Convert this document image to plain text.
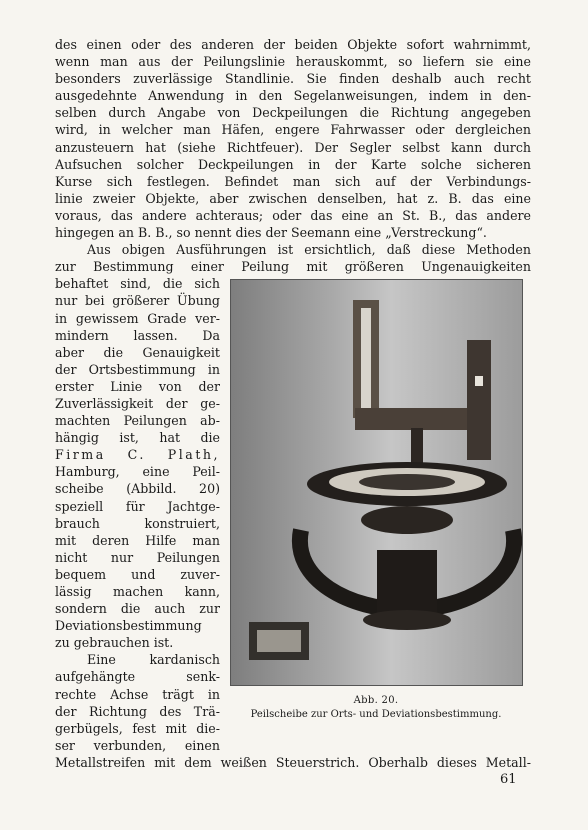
des einen oder des anderen der beiden Objekte sofort wahrnimmt,
wenn man aus der Peilungslinie herauskommt, so liefern sie eine
besonders zuverlässige Standlinie. Sie finden deshalb auch recht
ausgedehnte Anwendung in den Segelanweisungen, indem in den-
selben durch Angabe von Deckpeilungen die Richtung angegeben
wird, in welcher man Häfen, engere Fahrwasser oder dergleichen
anzusteuern hat (siehe Richtfeuer). Der Segler selbst kann durch
Aufsuchen solcher Deckpeilungen in der Karte solche sicheren
Kurse sich festlegen. Befindet man sich auf der Verbindungs-
linie zweier Objekte, aber zwischen denselben, hat z. B. das eine
voraus, das andere achteraus; oder das eine an St. B., das andere
hingegen an B. B., so nennt dies der Seemann eine „Verstreckung“.
Aus obigen Ausführungen ist ersichtlich, daß diese Methoden
zur Bestimmung einer Peilung mit größeren Ungenauigkeiten
behaftet sind, die sich
nur bei größerer Übung
in gewissem Grade ver-
mindern lassen. Da
aber die Genauigkeit
der Ortsbestimmung in
erster Linie von der
Zuverlässigkeit der ge-
machten Peilungen ab-
hängig ist, hat die
Firma C. Plath,
Hamburg, eine Peil-
scheibe (Abbild. 20)
speziell für Jachtge-
brauch konstruiert,
mit deren Hilfe man
nicht nur Peilungen
bequem und zuver-
lässig machen kann,
sondern die auch zur
Deviationsbestimmung
zu gebrauchen ist.
Eine kardanisch
aufgehängte senk-
rechte Achse trägt in
der Richtung des Trä-
gerbügels, fest mit die-
ser verbunden, einen
Metallstreifen mit dem weißen Steuerstrich. Oberhalb dieses Metall-
Abb. 20.
Peilscheibe zur Orts- und Deviationsbestimmung.
61
